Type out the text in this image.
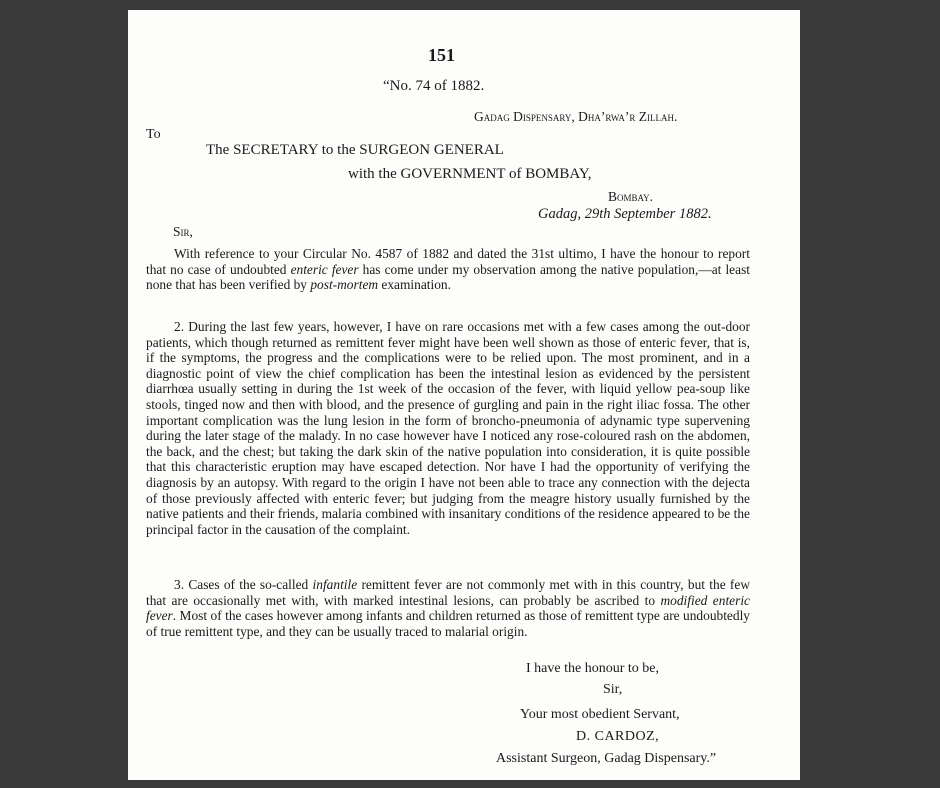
151
“No. 74 of 1882.
Gadag Dispensary, Dha’rwa’r Zillah.
To
The SECRETARY to the SURGEON GENERAL
with the GOVERNMENT of BOMBAY,
Bombay.
Gadag, 29th September 1882.
Sir,

With reference to your Circular No. 4587 of 1882 and dated the 31st ultimo, I have the honour to report that no case of undoubted enteric fever has come under my observation among the native population,—at least none that has been verified by post-mortem examination.

2. During the last few years, however, I have on rare occasions met with a few cases among the out-door patients, which though returned as remittent fever might have been well shown as those of enteric fever, that is, if the symptoms, the progress and the complications were to be relied upon. The most prominent, and in a diagnostic point of view the chief complication has been the intestinal lesion as evidenced by the persistent diarrhœa usually setting in during the 1st week of the occasion of the fever, with liquid yellow pea-soup like stools, tinged now and then with blood, and the presence of gurgling and pain in the right iliac fossa. The other important complication was the lung lesion in the form of broncho-pneumonia of adynamic type supervening during the later stage of the malady. In no case however have I noticed any rose-coloured rash on the abdomen, the back, and the chest; but taking the dark skin of the native population into consideration, it is quite possible that this characteristic eruption may have escaped detection. Nor have I had the opportunity of verifying the diagnosis by an autopsy. With regard to the origin I have not been able to trace any connection with the dejecta of those previously affected with enteric fever; but judging from the meagre history usually furnished by the native patients and their friends, malaria combined with insanitary conditions of the residence appeared to be the principal factor in the causation of the complaint.

3. Cases of the so-called infantile remittent fever are not commonly met with in this country, but the few that are occasionally met with, with marked intestinal lesions, can probably be ascribed to modified enteric fever. Most of the cases however among infants and children returned as those of remittent type are undoubtedly of true remittent type, and they can be usually traced to malarial origin.

I have the honour to be,
Sir,
Your most obedient Servant,
D. CARDOZ,
Assistant Surgeon, Gadag Dispensary.”
